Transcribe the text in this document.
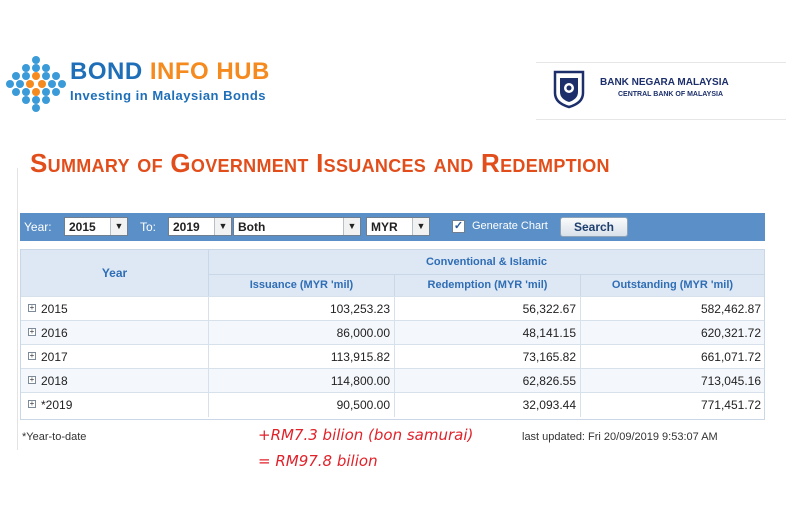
BOND INFO HUB
Investing in Malaysian Bonds
BANK NEGARA MALAYSIA
CENTRAL BANK OF MALAYSIA
Summary of Government Issuances and Redemption
Year: 2015	▼ To: 2019	▼ Both	▼ MYR	▼	✓ Generate Chart	Search
Year
Conventional & Islamic
Issuance (MYR 'mil)	Redemption (MYR 'mil)	Outstanding (MYR 'mil)
+ 2015	103,253.23	56,322.67	582,462.87
+ 2016	86,000.00	48,141.15	620,321.72
+ 2017	113,915.82	73,165.82	661,071.72
+ 2018	114,800.00	62,826.55	713,045.16
+ *2019	90,500.00	32,093.44	771,451.72
*Year-to-date	last updated: Fri 20/09/2019 9:53:07 AM
+RM7.3 bilion (bon samurai)
= RM97.8 bilion
